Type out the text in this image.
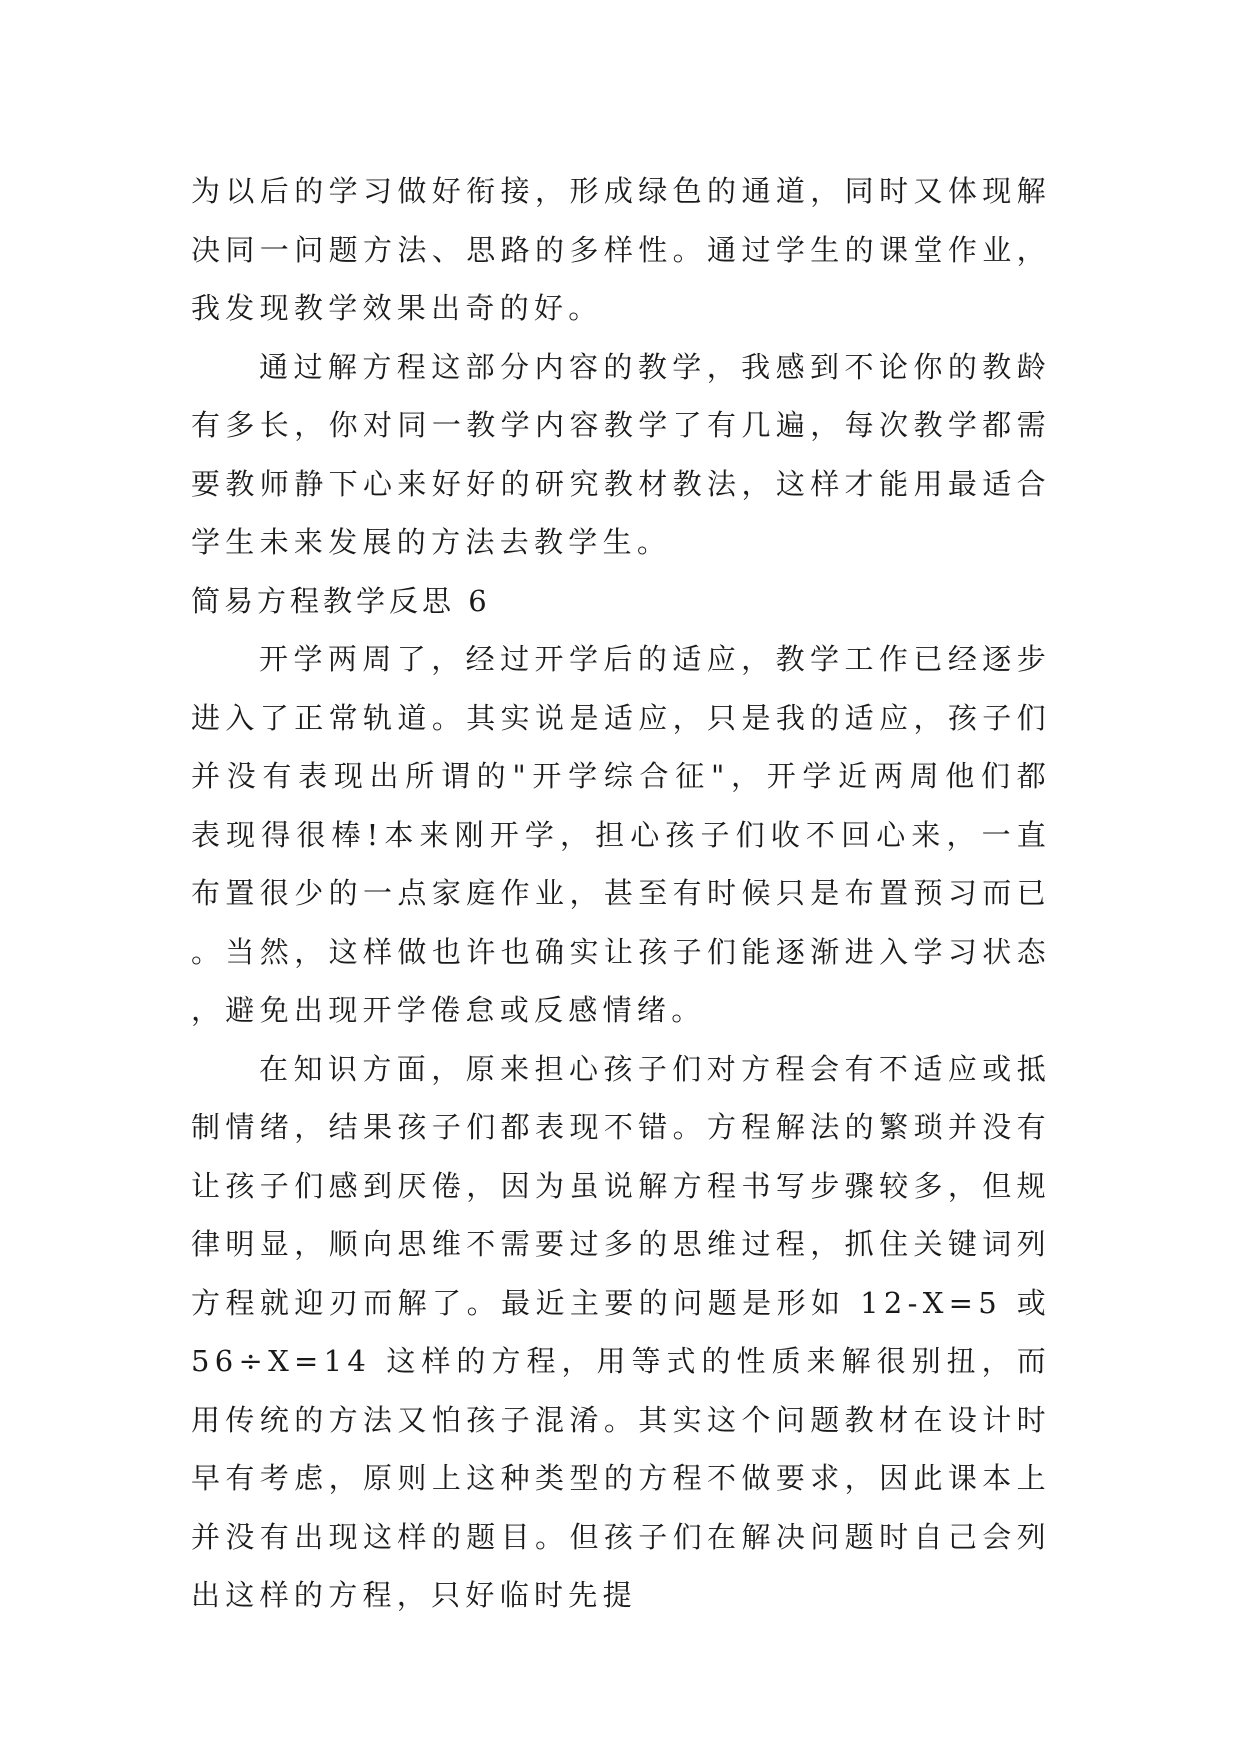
为以后的学习做好衔接，形成绿色的通道，同时又体现解决同一问题方法、思路的多样性。通过学生的课堂作业，我发现教学效果出奇的好。

通过解方程这部分内容的教学，我感到不论你的教龄有多长，你对同一教学内容教学了有几遍，每次教学都需要教师静下心来好好的研究教材教法，这样才能用最适合学生未来发展的方法去教学生。

简易方程教学反思 6

开学两周了，经过开学后的适应，教学工作已经逐步进入了正常轨道。其实说是适应，只是我的适应，孩子们并没有表现出所谓的"开学综合征"，开学近两周他们都表现得很棒!本来刚开学，担心孩子们收不回心来，一直布置很少的一点家庭作业，甚至有时候只是布置预习而已。当然，这样做也许也确实让孩子们能逐渐进入学习状态，避免出现开学倦怠或反感情绪。

在知识方面，原来担心孩子们对方程会有不适应或抵制情绪，结果孩子们都表现不错。方程解法的繁琐并没有让孩子们感到厌倦，因为虽说解方程书写步骤较多，但规律明显，顺向思维不需要过多的思维过程，抓住关键词列方程就迎刃而解了。最近主要的问题是形如 12-X=5 或 56÷X=14 这样的方程，用等式的性质来解很别扭，而用传统的方法又怕孩子混淆。其实这个问题教材在设计时早有考虑，原则上这种类型的方程不做要求，因此课本上并没有出现这样的题目。但孩子们在解决问题时自己会列出这样的方程，只好临时先提
